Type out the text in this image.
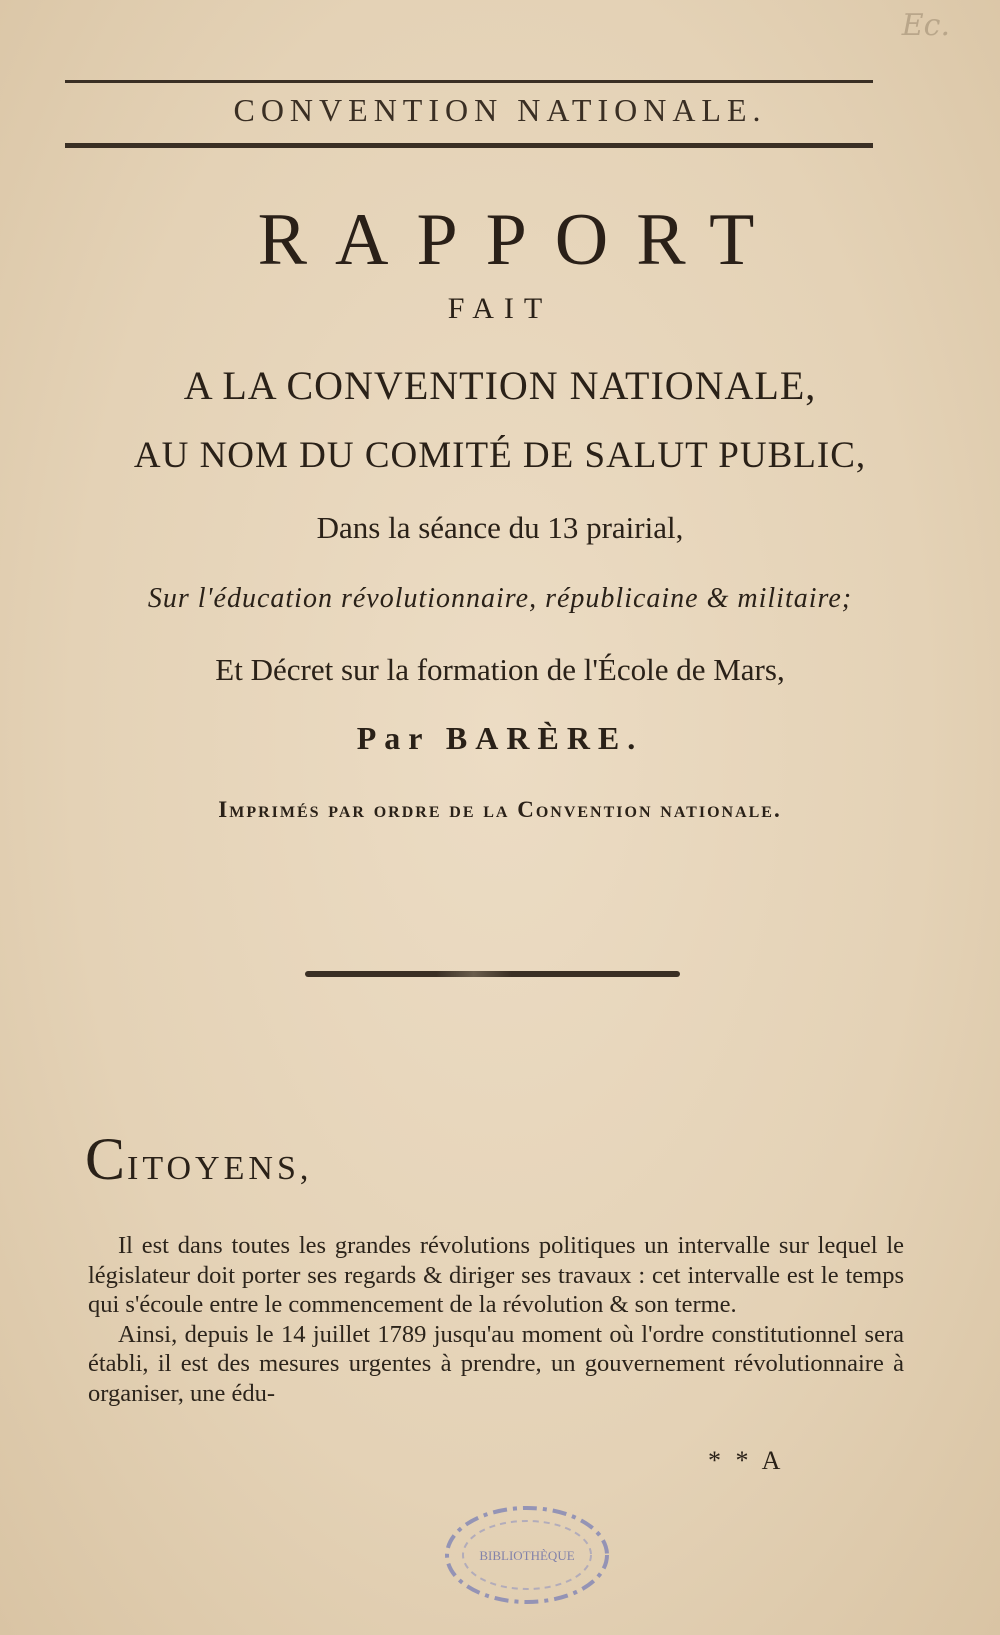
Ec.
CONVENTION NATIONALE.
RAPPORT
FAIT
A LA CONVENTION NATIONALE,
AU NOM DU COMITÉ DE SALUT PUBLIC,
Dans la séance du 13 prairial,
Sur l'éducation révolutionnaire, républicaine & militaire;
Et Décret sur la formation de l'École de Mars,
Par BARÈRE.
Imprimés par ordre de la Convention nationale.
CITOYENS,

Il est dans toutes les grandes révolutions politiques un intervalle sur lequel le législateur doit porter ses regards & diriger ses travaux : cet intervalle est le temps qui s'écoule entre le commencement de la révolution & son terme.

Ainsi, depuis le 14 juillet 1789 jusqu'au moment où l'ordre constitutionnel sera établi, il est des mesures urgentes à prendre, un gouvernement révolutionnaire à organiser, une édu-

* * A
BIBLIOTHÈQUE
